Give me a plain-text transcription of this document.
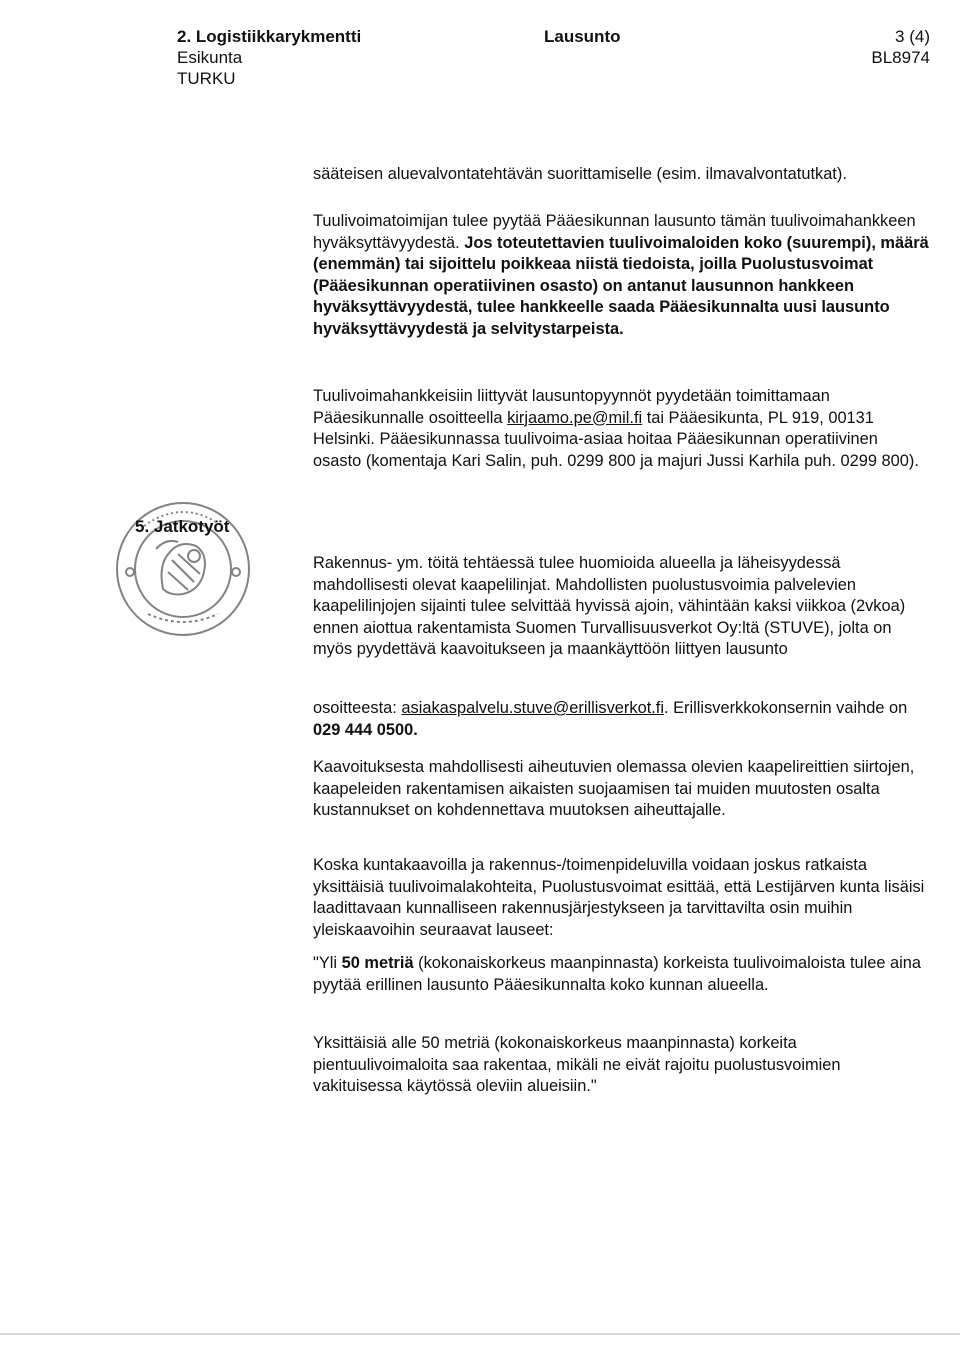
2. Logistiikkarykmentti
Esikunta
TURKU
Lausunto	3 (4)
BL8974

sääteisen aluevalvontatehtävän suorittamiselle (esim. ilmavalvontatutkat).

Tuulivoimatoimijan tulee pyytää Pääesikunnan lausunto tämän tuulivoimahankkeen hyväksyttävyydestä. Jos toteutettavien tuulivoimaloiden koko (suurempi), määrä (enemmän) tai sijoittelu poikkeaa niistä tiedoista, joilla Puolustusvoimat (Pääesikunnan operatiivinen osasto) on antanut lausunnon hankkeen hyväksyttävyydestä, tulee hankkeelle saada Pääesikunnalta uusi lausunto hyväksyttävyydestä ja selvitystarpeista.

Tuulivoimahankkeisiin liittyvät lausuntopyynnöt pyydetään toimittamaan Pääesikunnalle osoitteella kirjaamo.pe@mil.fi tai Pääesikunta, PL 919, 00131 Helsinki. Pääesikunnassa tuulivoima-asiaa hoitaa Pääesikunnan operatiivinen osasto (komentaja Kari Salin, puh. 0299 800 ja majuri Jussi Karhila puh. 0299 800).

5. Jatkotyöt

Rakennus- ym. töitä tehtäessä tulee huomioida alueella ja läheisyydessä mahdollisesti olevat kaapelilinjat. Mahdollisten puolustusvoimia palvelevien kaapelilinjojen sijainti tulee selvittää hyvissä ajoin, vähintään kaksi viikkoa (2vkoa) ennen aiottua rakentamista Suomen Turvallisuusverkot Oy:ltä (STUVE), jolta on myös pyydettävä kaavoitukseen ja maankäyttöön liittyen lausunto

osoitteesta: asiakaspalvelu.stuve@erillisverkot.fi. Erillisverkkokonsernin vaihde on 029 444 0500.

Kaavoituksesta mahdollisesti aiheutuvien olemassa olevien kaapelireittien siirtojen, kaapeleiden rakentamisen aikaisten suojaamisen tai muiden muutosten osalta kustannukset on kohdennettava muutoksen aiheuttajalle.

Koska kuntakaavoilla ja rakennus-/toimenpideluvilla voidaan joskus ratkaista yksittäisiä tuulivoimalakohteita, Puolustusvoimat esittää, että Lestijärven kunta lisäisi laadittavaan kunnalliseen rakennusjärjestykseen ja tarvittavilta osin muihin yleiskaavoihin seuraavat lauseet:

"Yli 50 metriä (kokonaiskorkeus maanpinnasta) korkeista tuulivoimaloista tulee aina pyytää erillinen lausunto Pääesikunnalta koko kunnan alueella.

Yksittäisiä alle 50 metriä (kokonaiskorkeus maanpinnasta) korkeita pientuulivoimaloita saa rakentaa, mikäli ne eivät rajoitu puolustusvoimien vakituisessa käytössä oleviin alueisiin."
